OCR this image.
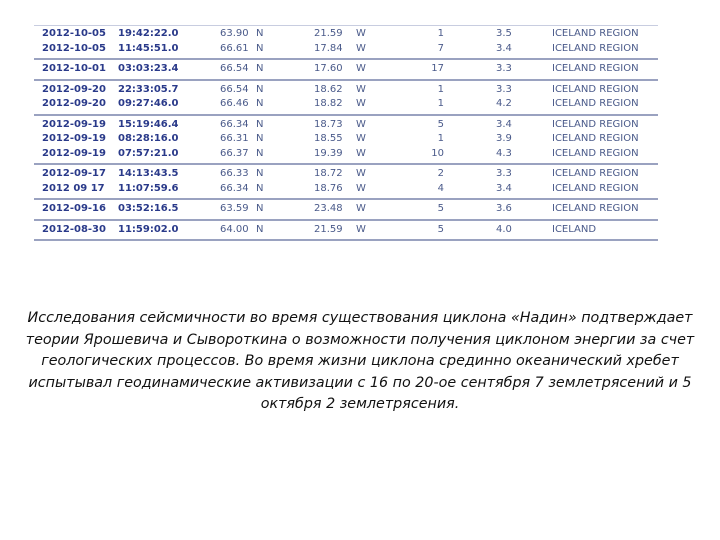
2012-10-05 19:42:22.0	63.90 N	21.59 W	1	3.5	ICELAND REGION
2012-10-05 11:45:51.0	66.61 N	17.84 W	7	3.4	ICELAND REGION
2012-10-01 03:03:23.4	66.54 N	17.60 W	17	3.3	ICELAND REGION
2012-09-20 22:33:05.7	66.54 N	18.62 W	1	3.3	ICELAND REGION
2012-09-20 09:27:46.0	66.46 N	18.82 W	1	4.2	ICELAND REGION
2012-09-19 15:19:46.4	66.34 N	18.73 W	5	3.4	ICELAND REGION
2012-09-19 08:28:16.0	66.31 N	18.55 W	1	3.9	ICELAND REGION
2012-09-19 07:57:21.0	66.37 N	19.39 W	10	4.3	ICELAND REGION
2012-09-17 14:13:43.5	66.33 N	18.72 W	2	3.3	ICELAND REGION
2012 09 17 11:07:59.6	66.34 N	18.76 W	4	3.4	ICELAND REGION
2012-09-16 03:52:16.5	63.59 N	23.48 W	5	3.6	ICELAND REGION
2012-08-30 11:59:02.0	64.00 N	21.59 W	5	4.0	ICELAND
Исследования сейсмичности во время существования циклона «Надин» подтверждает теории Ярошевича и Сывороткина о возможности получения циклоном энергии за счет геологических процессов. Во время жизни циклона срединно океанический хребет испытывал геодинамические активизации с 16 по 20-ое сентября 7 землетрясений и 5 октября 2 землетрясения.
